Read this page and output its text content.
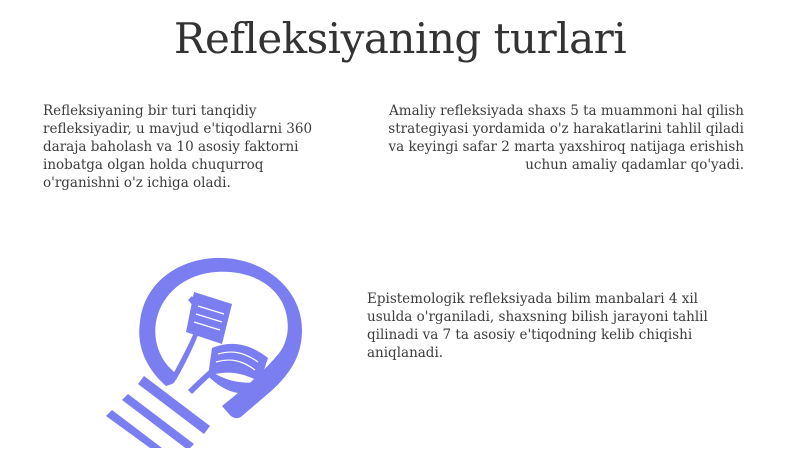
Refleksiyaning turlari

Refleksiyaning bir turi tanqidiy refleksiyadir, u mavjud e'tiqodlarni 360 daraja baholash va 10 asosiy faktorni inobatga olgan holda chuqurroq o'rganishni o'z ichiga oladi.

Amaliy refleksiyada shaxs 5 ta muammoni hal qilish strategiyasi yordamida o'z harakatlarini tahlil qiladi va keyingi safar 2 marta yaxshiroq natijaga erishish uchun amaliy qadamlar qo'yadi.

Epistemologik refleksiyada bilim manbalari 4 xil usulda o'rganiladi, shaxsning bilish jarayoni tahlil qilinadi va 7 ta asosiy e'tiqodning kelib chiqishi aniqlanadi.
